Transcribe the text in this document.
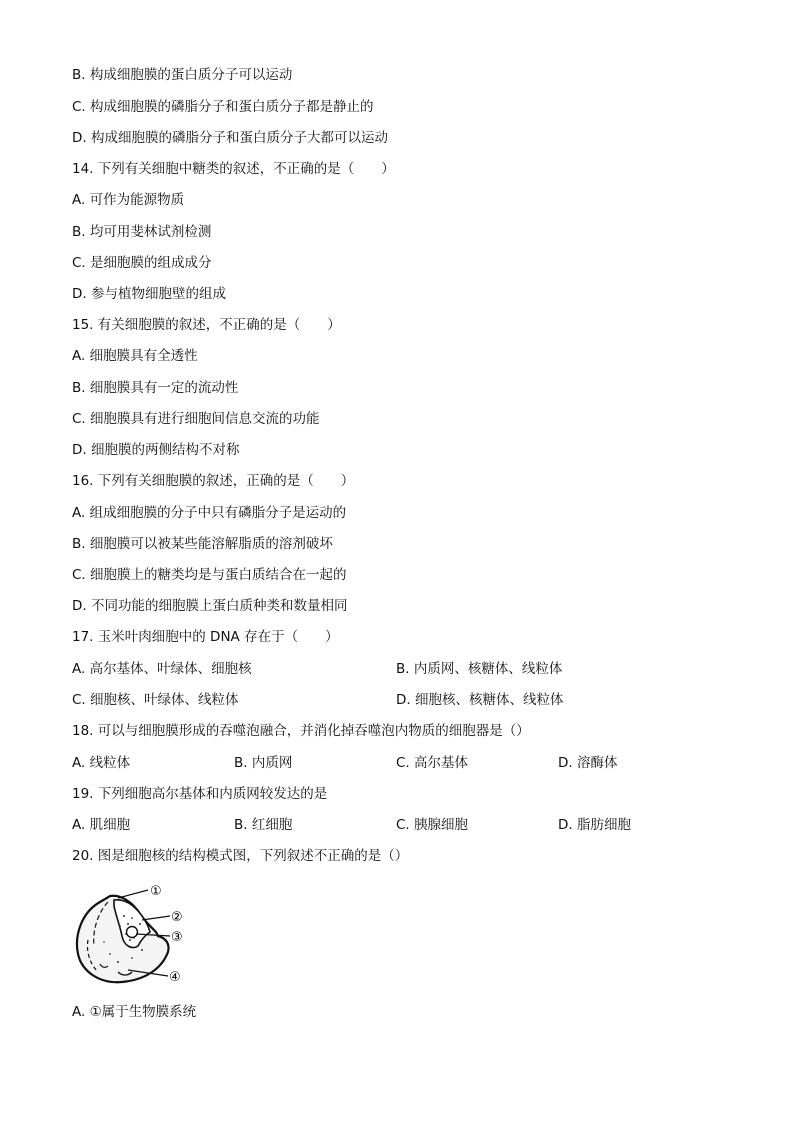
B. 构成细胞膜的蛋白质分子可以运动
C. 构成细胞膜的磷脂分子和蛋白质分子都是静止的
D. 构成细胞膜的磷脂分子和蛋白质分子大都可以运动
14. 下列有关细胞中糖类的叙述，不正确的是（　　）
A. 可作为能源物质
B. 均可用斐林试剂检测
C. 是细胞膜的组成成分
D. 参与植物细胞壁的组成
15. 有关细胞膜的叙述，不正确的是（　　）
A. 细胞膜具有全透性
B. 细胞膜具有一定的流动性
C. 细胞膜具有进行细胞间信息交流的功能
D. 细胞膜的两侧结构不对称
16. 下列有关细胞膜的叙述，正确的是（　　）
A. 组成细胞膜的分子中只有磷脂分子是运动的
B. 细胞膜可以被某些能溶解脂质的溶剂破坏
C. 细胞膜上的糖类均是与蛋白质结合在一起的
D. 不同功能的细胞膜上蛋白质种类和数量相同
17. 玉米叶肉细胞中的 DNA 存在于（　　）
A. 高尔基体、叶绿体、细胞核	B. 内质网、核糖体、线粒体
C. 细胞核、叶绿体、线粒体	D. 细胞核、核糖体、线粒体
18. 可以与细胞膜形成的吞噬泡融合，并消化掉吞噬泡内物质的细胞器是（）
A. 线粒体	B. 内质网	C. 高尔基体	D. 溶酶体
19. 下列细胞高尔基体和内质网较发达的是
A. 肌细胞	B. 红细胞	C. 胰腺细胞	D. 脂肪细胞
20. 图是细胞核的结构模式图，下列叙述不正确的是（）
①
②
③
④
A. ①属于生物膜系统
